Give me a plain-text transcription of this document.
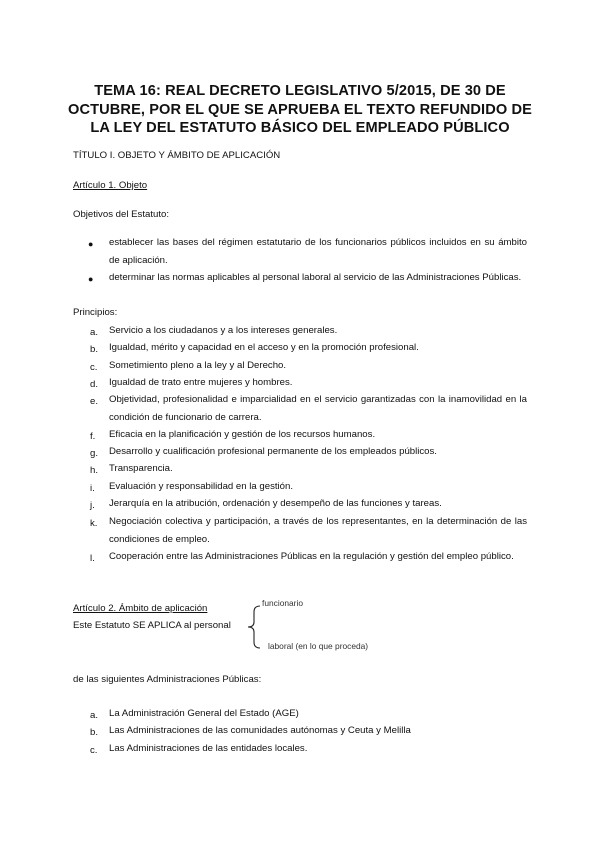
TEMA 16: REAL DECRETO LEGISLATIVO 5/2015, DE 30 DE OCTUBRE, POR EL QUE SE APRUEBA EL TEXTO REFUNDIDO DE LA LEY DEL ESTATUTO BÁSICO DEL EMPLEADO PÚBLICO
TÍTULO I. OBJETO Y ÁMBITO DE APLICACIÓN
Artículo 1. Objeto
Objetivos del Estatuto:
● establecer las bases del régimen estatutario de los funcionarios públicos incluidos en su ámbito de aplicación.
● determinar las normas aplicables al personal laboral al servicio de las Administraciones Públicas.
Principios:
a. Servicio a los ciudadanos y a los intereses generales.
b. Igualdad, mérito y capacidad en el acceso y en la promoción profesional.
c. Sometimiento pleno a la ley y al Derecho.
d. Igualdad de trato entre mujeres y hombres.
e. Objetividad, profesionalidad e imparcialidad en el servicio garantizadas con la inamovilidad en la condición de funcionario de carrera.
f. Eficacia en la planificación y gestión de los recursos humanos.
g. Desarrollo y cualificación profesional permanente de los empleados públicos.
h. Transparencia.
i. Evaluación y responsabilidad en la gestión.
j. Jerarquía en la atribución, ordenación y desempeño de las funciones y tareas.
k. Negociación colectiva y participación, a través de los representantes, en la determinación de las condiciones de empleo.
l. Cooperación entre las Administraciones Públicas en la regulación y gestión del empleo público.
Artículo 2. Ámbito de aplicación
Este Estatuto SE APLICA al personal
funcionario
laboral (en lo que proceda)
de las siguientes Administraciones Públicas:
a. La Administración General del Estado (AGE)
b. Las Administraciones de las comunidades autónomas y Ceuta y Melilla
c. Las Administraciones de las entidades locales.
